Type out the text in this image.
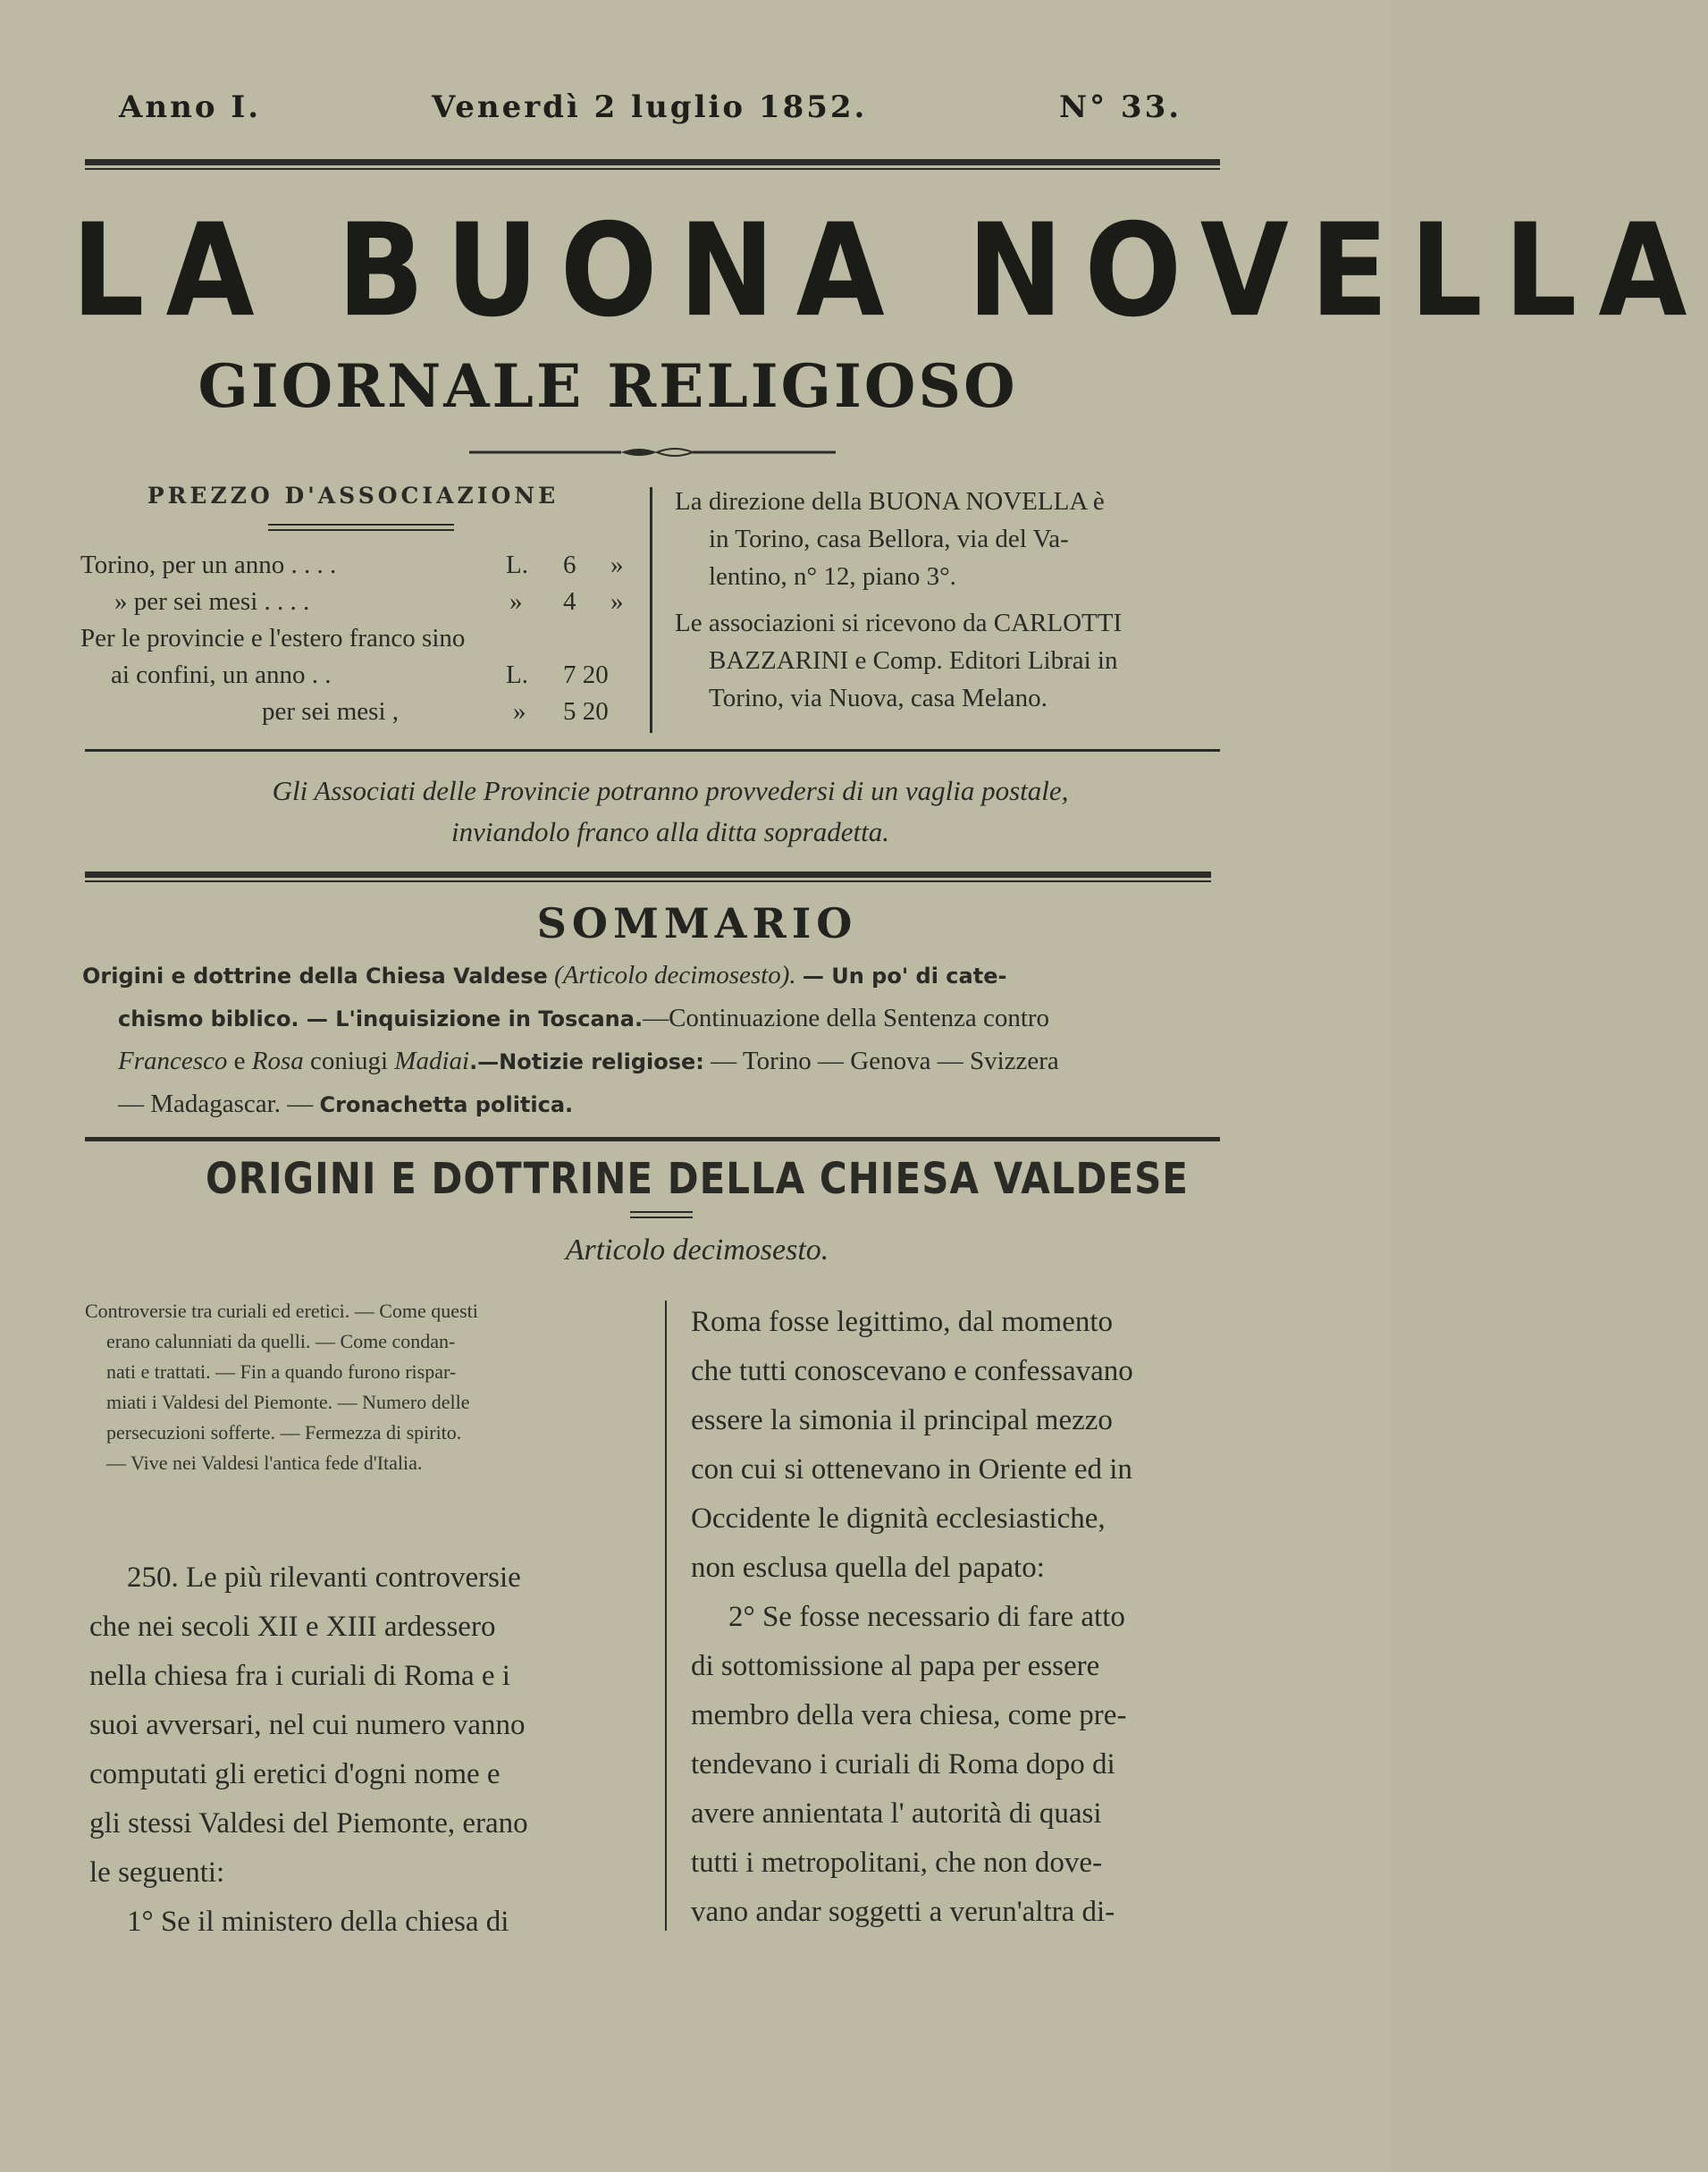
Anno I.	Venerdì 2 luglio 1852.	N° 33.
LA BUONA NOVELLA
GIORNALE RELIGIOSO
PREZZO D'ASSOCIAZIONE
Torino, per un anno . . . .	L. 6 »
» per sei mesi . . . .	» 4 »
Per le provincie e l'estero franco sino
ai confini, un anno . .	L. 7 20
per sei mesi ,	» 5 20

La direzione della BUONA NOVELLA è
in Torino, casa Bellora, via del Va-
lentino, n° 12, piano 3°.

Le associazioni si ricevono da CARLOTTI
BAZZARINI e Comp. Editori Librai in
Torino, via Nuova, casa Melano.

Gli Associati delle Provincie potranno provvedersi di un vaglia postale,
inviandolo franco alla ditta sopradetta.
SOMMARIO
Origini e dottrine della Chiesa Valdese (Articolo decimosesto). — Un po' di cate-
chismo biblico. — L'inquisizione in Toscana.—Continuazione della Sentenza contro
Francesco e Rosa coniugi Madiai.—Notizie religiose: — Torino — Genova — Svizzera
— Madagascar. — Cronachetta politica.
ORIGINI E DOTTRINE DELLA CHIESA VALDESE
Articolo decimosesto.
Controversie tra curiali ed eretici. — Come questi
erano calunniati da quelli. — Come condan-
nati e trattati. — Fin a quando furono rispar-
miati i Valdesi del Piemonte. — Numero delle
persecuzioni sofferte. — Fermezza di spirito.
— Vive nei Valdesi l'antica fede d'Italia.
250. Le più rilevanti controversie
che nei secoli XII e XIII ardessero
nella chiesa fra i curiali di Roma e i
suoi avversari, nel cui numero vanno
computati gli eretici d'ogni nome e
gli stessi Valdesi del Piemonte, erano
le seguenti:
1° Se il ministero della chiesa di
Roma fosse legittimo, dal momento
che tutti conoscevano e confessavano
essere la simonia il principal mezzo
con cui si ottenevano in Oriente ed in
Occidente le dignità ecclesiastiche,
non esclusa quella del papato:
2° Se fosse necessario di fare atto
di sottomissione al papa per essere
membro della vera chiesa, come pre-
tendevano i curiali di Roma dopo di
avere annientata l' autorità di quasi
tutti i metropolitani, che non dove-
vano andar soggetti a verun'altra di-
